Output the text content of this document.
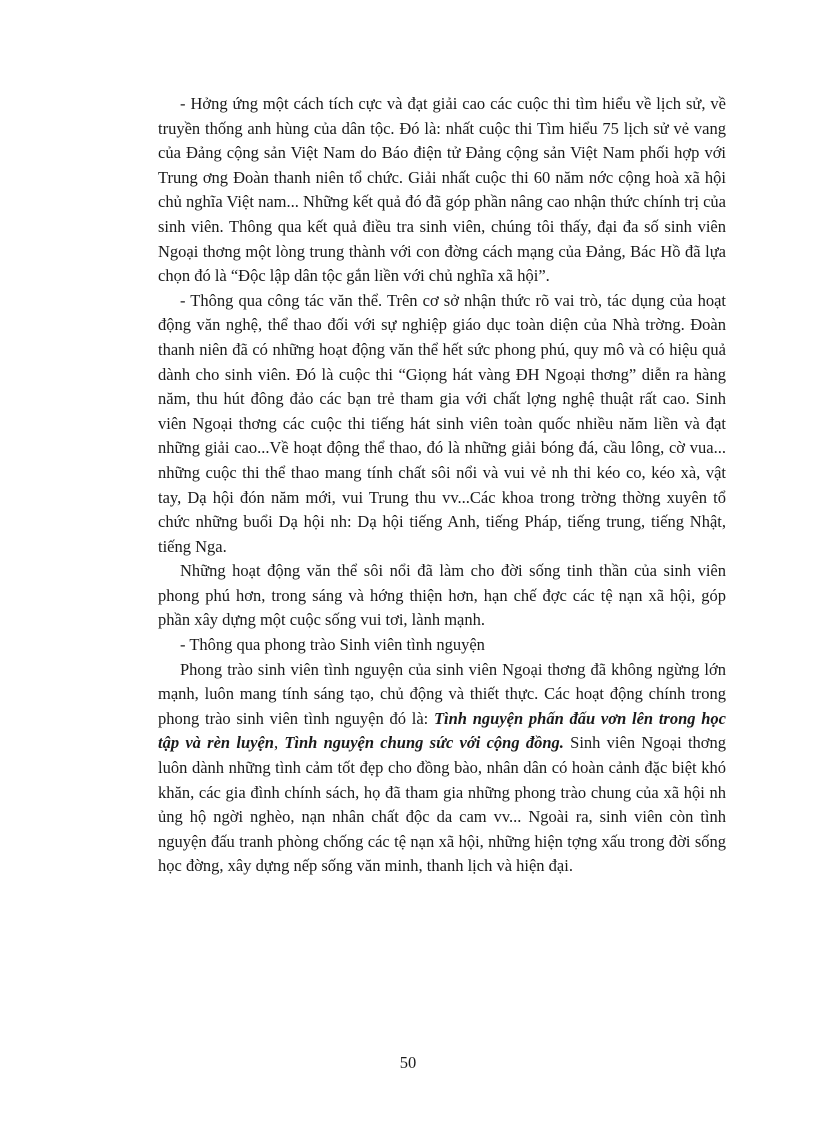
- Hởng ứng một cách tích cực và đạt giải cao các cuộc thi tìm hiểu về lịch sử, về truyền thống anh hùng của dân tộc. Đó là: nhất cuộc thi Tìm hiểu 75 lịch sử vẻ vang của Đảng cộng sản Việt Nam do Báo điện tử Đảng cộng sản Việt Nam phối hợp với Trung ơng Đoàn thanh niên tổ chức. Giải nhất cuộc thi 60 năm nớc cộng hoà xã hội chủ nghĩa Việt nam... Những kết quả đó đã góp phần nâng cao nhận thức chính trị của sinh viên. Thông qua kết quả điều tra sinh viên, chúng tôi thấy, đại đa số sinh viên Ngoại thơng một lòng trung thành với con đờng cách mạng của Đảng, Bác Hồ đã lựa chọn đó là “Độc lập dân tộc gắn liền với chủ nghĩa xã hội”.

- Thông qua công tác văn thể. Trên cơ sở nhận thức rõ vai trò, tác dụng của hoạt động văn nghệ, thể thao đối với sự nghiệp giáo dục toàn diện của Nhà trờng. Đoàn thanh niên đã có những hoạt động văn thể hết sức phong phú, quy mô và có hiệu quả dành cho sinh viên. Đó là cuộc thi “Giọng hát vàng ĐH Ngoại thơng” diễn ra hàng năm, thu hút đông đảo các bạn trẻ tham gia với chất lợng nghệ thuật rất cao. Sinh viên Ngoại thơng các cuộc thi tiếng hát sinh viên toàn quốc nhiều năm liền và đạt những giải cao...Về hoạt động thể thao, đó là những giải bóng đá, cầu lông, cờ vua... những cuộc thi thể thao mang tính chất sôi nổi và vui vẻ nh thi kéo co, kéo xà, vật tay, Dạ hội đón năm mới, vui Trung thu vv...Các khoa trong trờng thờng xuyên tổ chức những buổi Dạ hội nh: Dạ hội tiếng Anh, tiếng Pháp, tiếng trung, tiếng Nhật, tiếng Nga.

Những hoạt động văn thể sôi nổi đã làm cho đời sống tinh thần của sinh viên phong phú hơn, trong sáng và hớng thiện hơn, hạn chế đợc các tệ nạn xã hội, góp phần xây dựng một cuộc sống vui tơi, lành mạnh.

- Thông qua phong trào Sinh viên tình nguyện

Phong trào sinh viên tình nguyện của sinh viên Ngoại thơng đã không ngừng lớn mạnh, luôn mang tính sáng tạo, chủ động và thiết thực. Các hoạt động chính trong phong trào sinh viên tình nguyện đó là: Tình nguyện phấn đấu vơn lên trong học tập và rèn luyện, Tình nguyện chung sức với cộng đồng. Sinh viên Ngoại thơng luôn dành những tình cảm tốt đẹp cho đồng bào, nhân dân có hoàn cảnh đặc biệt khó khăn, các gia đình chính sách, họ đã tham gia những phong trào chung của xã hội nh ủng hộ ngời nghèo, nạn nhân chất độc da cam vv... Ngoài ra, sinh viên còn tình nguyện đấu tranh phòng chống các tệ nạn xã hội, những hiện tợng xấu trong đời sống học đờng, xây dựng nếp sống văn minh, thanh lịch và hiện đại.

50
